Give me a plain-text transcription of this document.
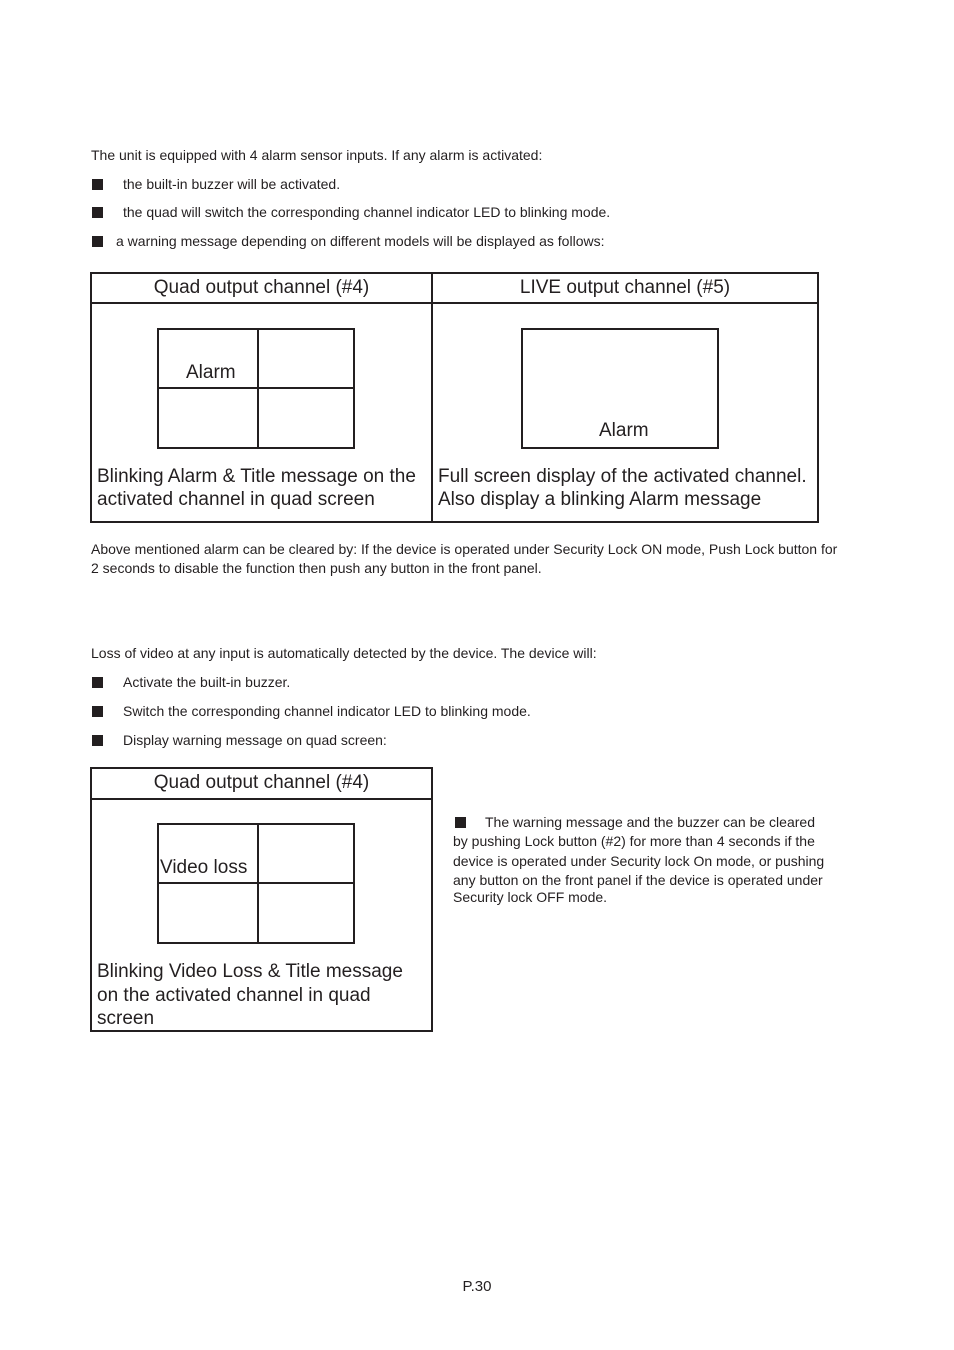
The unit is equipped with 4 alarm sensor inputs. If any alarm is activated:
the built-in buzzer will be activated.
the quad will switch the corresponding channel indicator LED to blinking mode.
a warning message depending on different models will be displayed as follows:
Quad output channel (#4)	LIVE output channel (#5)
Alarm
Alarm
Blinking Alarm & Title message on the
activated channel in quad screen
Full screen display of the activated channel.
Also display a blinking Alarm message
Above mentioned alarm can be cleared by: If the device is operated under Security Lock ON mode, Push Lock button for
2 seconds to disable the function then push any button in the front panel.
Loss of video at any input is automatically detected by the device. The device will:
Activate the built-in buzzer.
Switch the corresponding channel indicator LED to blinking mode.
Display warning message on quad screen:
Quad output channel (#4)
Video loss
Blinking Video Loss & Title message
on the activated channel in quad
screen
The warning message and the buzzer can be cleared
by pushing Lock button (#2) for more than 4 seconds if the
device is operated under Security lock On mode, or pushing
any button on the front panel if the device is operated under
Security lock OFF mode.
P.30
